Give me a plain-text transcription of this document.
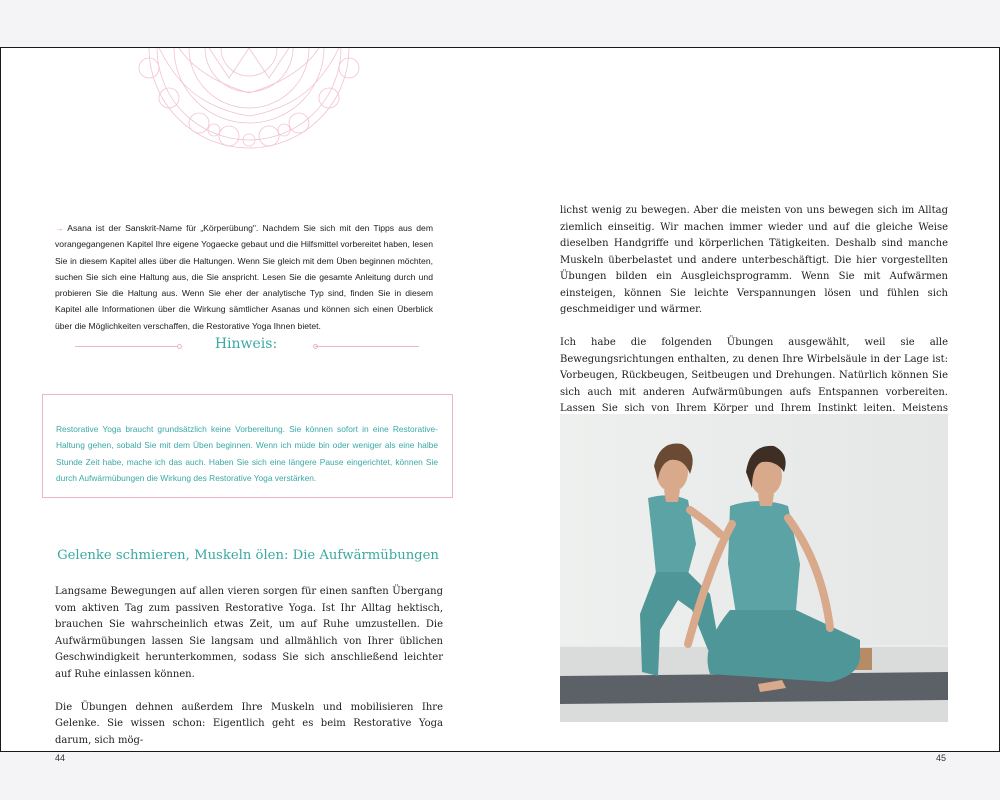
→ Asana ist der Sanskrit-Name für „Körperübung". Nachdem Sie sich mit den Tipps aus dem vorangegangenen Kapitel Ihre eigene Yogaecke gebaut und die Hilfsmittel vorbereitet haben, lesen Sie in diesem Kapitel alles über die Haltungen. Wenn Sie gleich mit dem Üben beginnen möchten, suchen Sie sich eine Haltung aus, die Sie anspricht. Lesen Sie die gesamte Anleitung durch und probieren Sie die Haltung aus. Wenn Sie eher der analytische Typ sind, finden Sie in diesem Kapitel alle Informationen über die Wirkung sämtlicher Asanas und können sich einen Überblick über die Möglichkeiten verschaffen, die Restorative Yoga Ihnen bietet.
Hinweis:
Restorative Yoga braucht grundsätzlich keine Vorbereitung. Sie können sofort in eine Restorative-Haltung gehen, sobald Sie mit dem Üben beginnen. Wenn ich müde bin oder weniger als eine halbe Stunde Zeit habe, mache ich das auch. Haben Sie sich eine längere Pause eingerichtet, können Sie durch Aufwärmübungen die Wirkung des Restorative Yoga verstärken.
Gelenke schmieren, Muskeln ölen: Die Aufwärmübungen

Langsame Bewegungen auf allen vieren sorgen für einen sanften Übergang vom aktiven Tag zum passiven Restorative Yoga. Ist Ihr Alltag hektisch, brauchen Sie wahrscheinlich etwas Zeit, um auf Ruhe umzustellen. Die Aufwärmübungen lassen Sie langsam und allmählich von Ihrer üblichen Geschwindigkeit herunterkommen, sodass Sie sich anschließend leichter auf Ruhe einlassen können.

Die Übungen dehnen außerdem Ihre Muskeln und mobilisieren Ihre Gelenke. Sie wissen schon: Eigentlich geht es beim Restorative Yoga darum, sich mög-

lichst wenig zu bewegen. Aber die meisten von uns bewegen sich im Alltag ziemlich einseitig. Wir machen immer wieder und auf die gleiche Weise dieselben Handgriffe und körperlichen Tätigkeiten. Deshalb sind manche Muskeln überbelastet und andere unterbeschäftigt. Die hier vorgestellten Übungen bilden ein Ausgleichsprogramm. Wenn Sie mit Aufwärmen einsteigen, können Sie leichte Verspannungen lösen und fühlen sich geschmeidiger und wärmer.

Ich habe die folgenden Übungen ausgewählt, weil sie alle Bewegungsrichtungen enthalten, zu denen Ihre Wirbelsäule in der Lage ist: Vorbeugen, Rückbeugen, Seitbeugen und Drehungen. Natürlich können Sie sich auch mit anderen Aufwärmübungen aufs Entspannen vorbereiten. Lassen Sie sich von Ihrem Körper und Ihrem Instinkt leiten. Meistens

44	45
